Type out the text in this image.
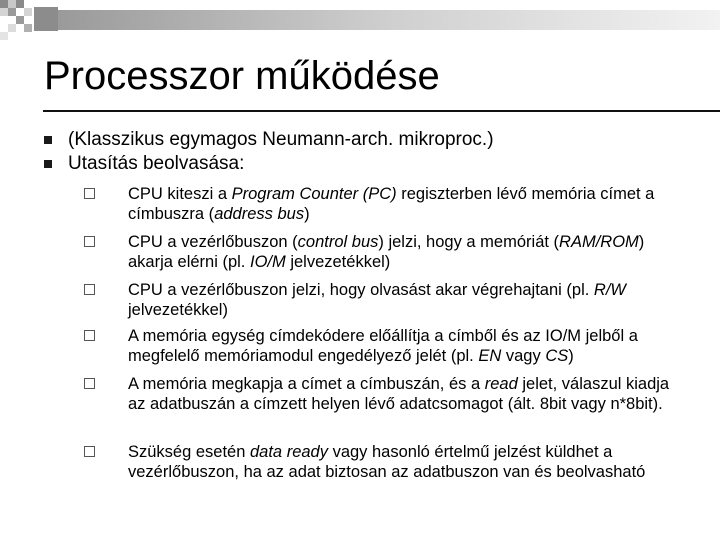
Processzor működése
(Klasszikus egymagos Neumann-arch. mikroproc.)
Utasítás beolvasása:
CPU kiteszi a Program Counter (PC) regiszterben lévő memória címet a címbuszra (address bus)
CPU a vezérlőbuszon (control bus) jelzi, hogy a memóriát (RAM/ROM) akarja elérni (pl. IO/M jelvezetékkel)
CPU a vezérlőbuszon jelzi, hogy olvasást akar végrehajtani (pl. R/W jelvezetékkel)
A memória egység címdekódere előállítja a címből és az IO/M jelből a megfelelő memóriamodul engedélyező jelét (pl. EN vagy CS)
A memória megkapja a címet a címbuszán, és a read jelet, válaszul kiadja az adatbuszán a címzett helyen lévő adatcsomagot (ált. 8bit vagy n*8bit).
Szükség esetén data ready vagy hasonló értelmű jelzést küldhet a vezérlőbuszon, ha az adat biztosan az adatbuszon van és beolvasható
